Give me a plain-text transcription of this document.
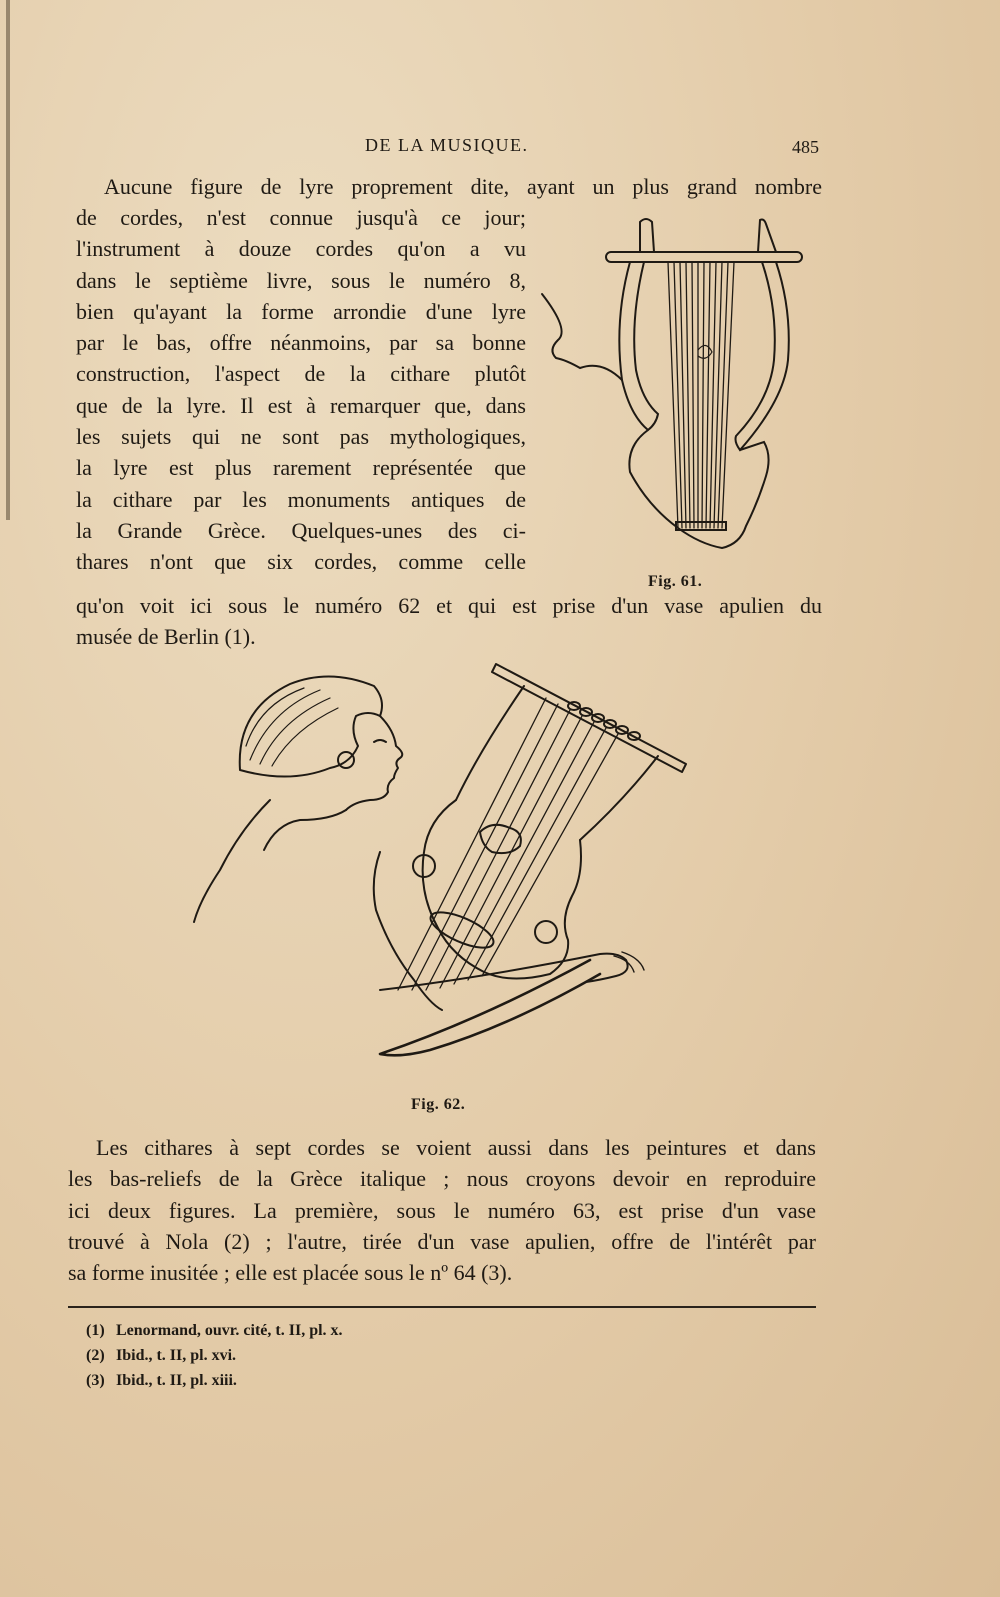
DE LA MUSIQUE.	485

Aucune figure de lyre proprement dite, ayant un plus grand nombre

de cordes, n'est connue jusqu'à ce jour;
l'instrument à douze cordes qu'on a vu
dans le septième livre, sous le numéro 8,
bien qu'ayant la forme arrondie d'une lyre
par le bas, offre néanmoins, par sa bonne
construction, l'aspect de la cithare plutôt
que de la lyre. Il est à remarquer que, dans
les sujets qui ne sont pas mythologiques,
la lyre est plus rarement représentée que
la cithare par les monuments antiques de
la Grande Grèce. Quelques-unes des ci-
thares n'ont que six cordes, comme celle

qu'on voit ici sous le numéro 62 et qui est prise d'un vase apulien du
musée de Berlin (1).

Fig. 61.
Fig. 62.

Les cithares à sept cordes se voient aussi dans les peintures et dans
les bas-reliefs de la Grèce italique ; nous croyons devoir en reproduire
ici deux figures. La première, sous le numéro 63, est prise d'un vase
trouvé à Nola (2) ; l'autre, tirée d'un vase apulien, offre de l'intérêt par
sa forme inusitée ; elle est placée sous le nº 64 (3).

(1) Lenormand, ouvr. cité, t. II, pl. x.
(2) Ibid., t. II, pl. xvi.
(3) Ibid., t. II, pl. xiii.
